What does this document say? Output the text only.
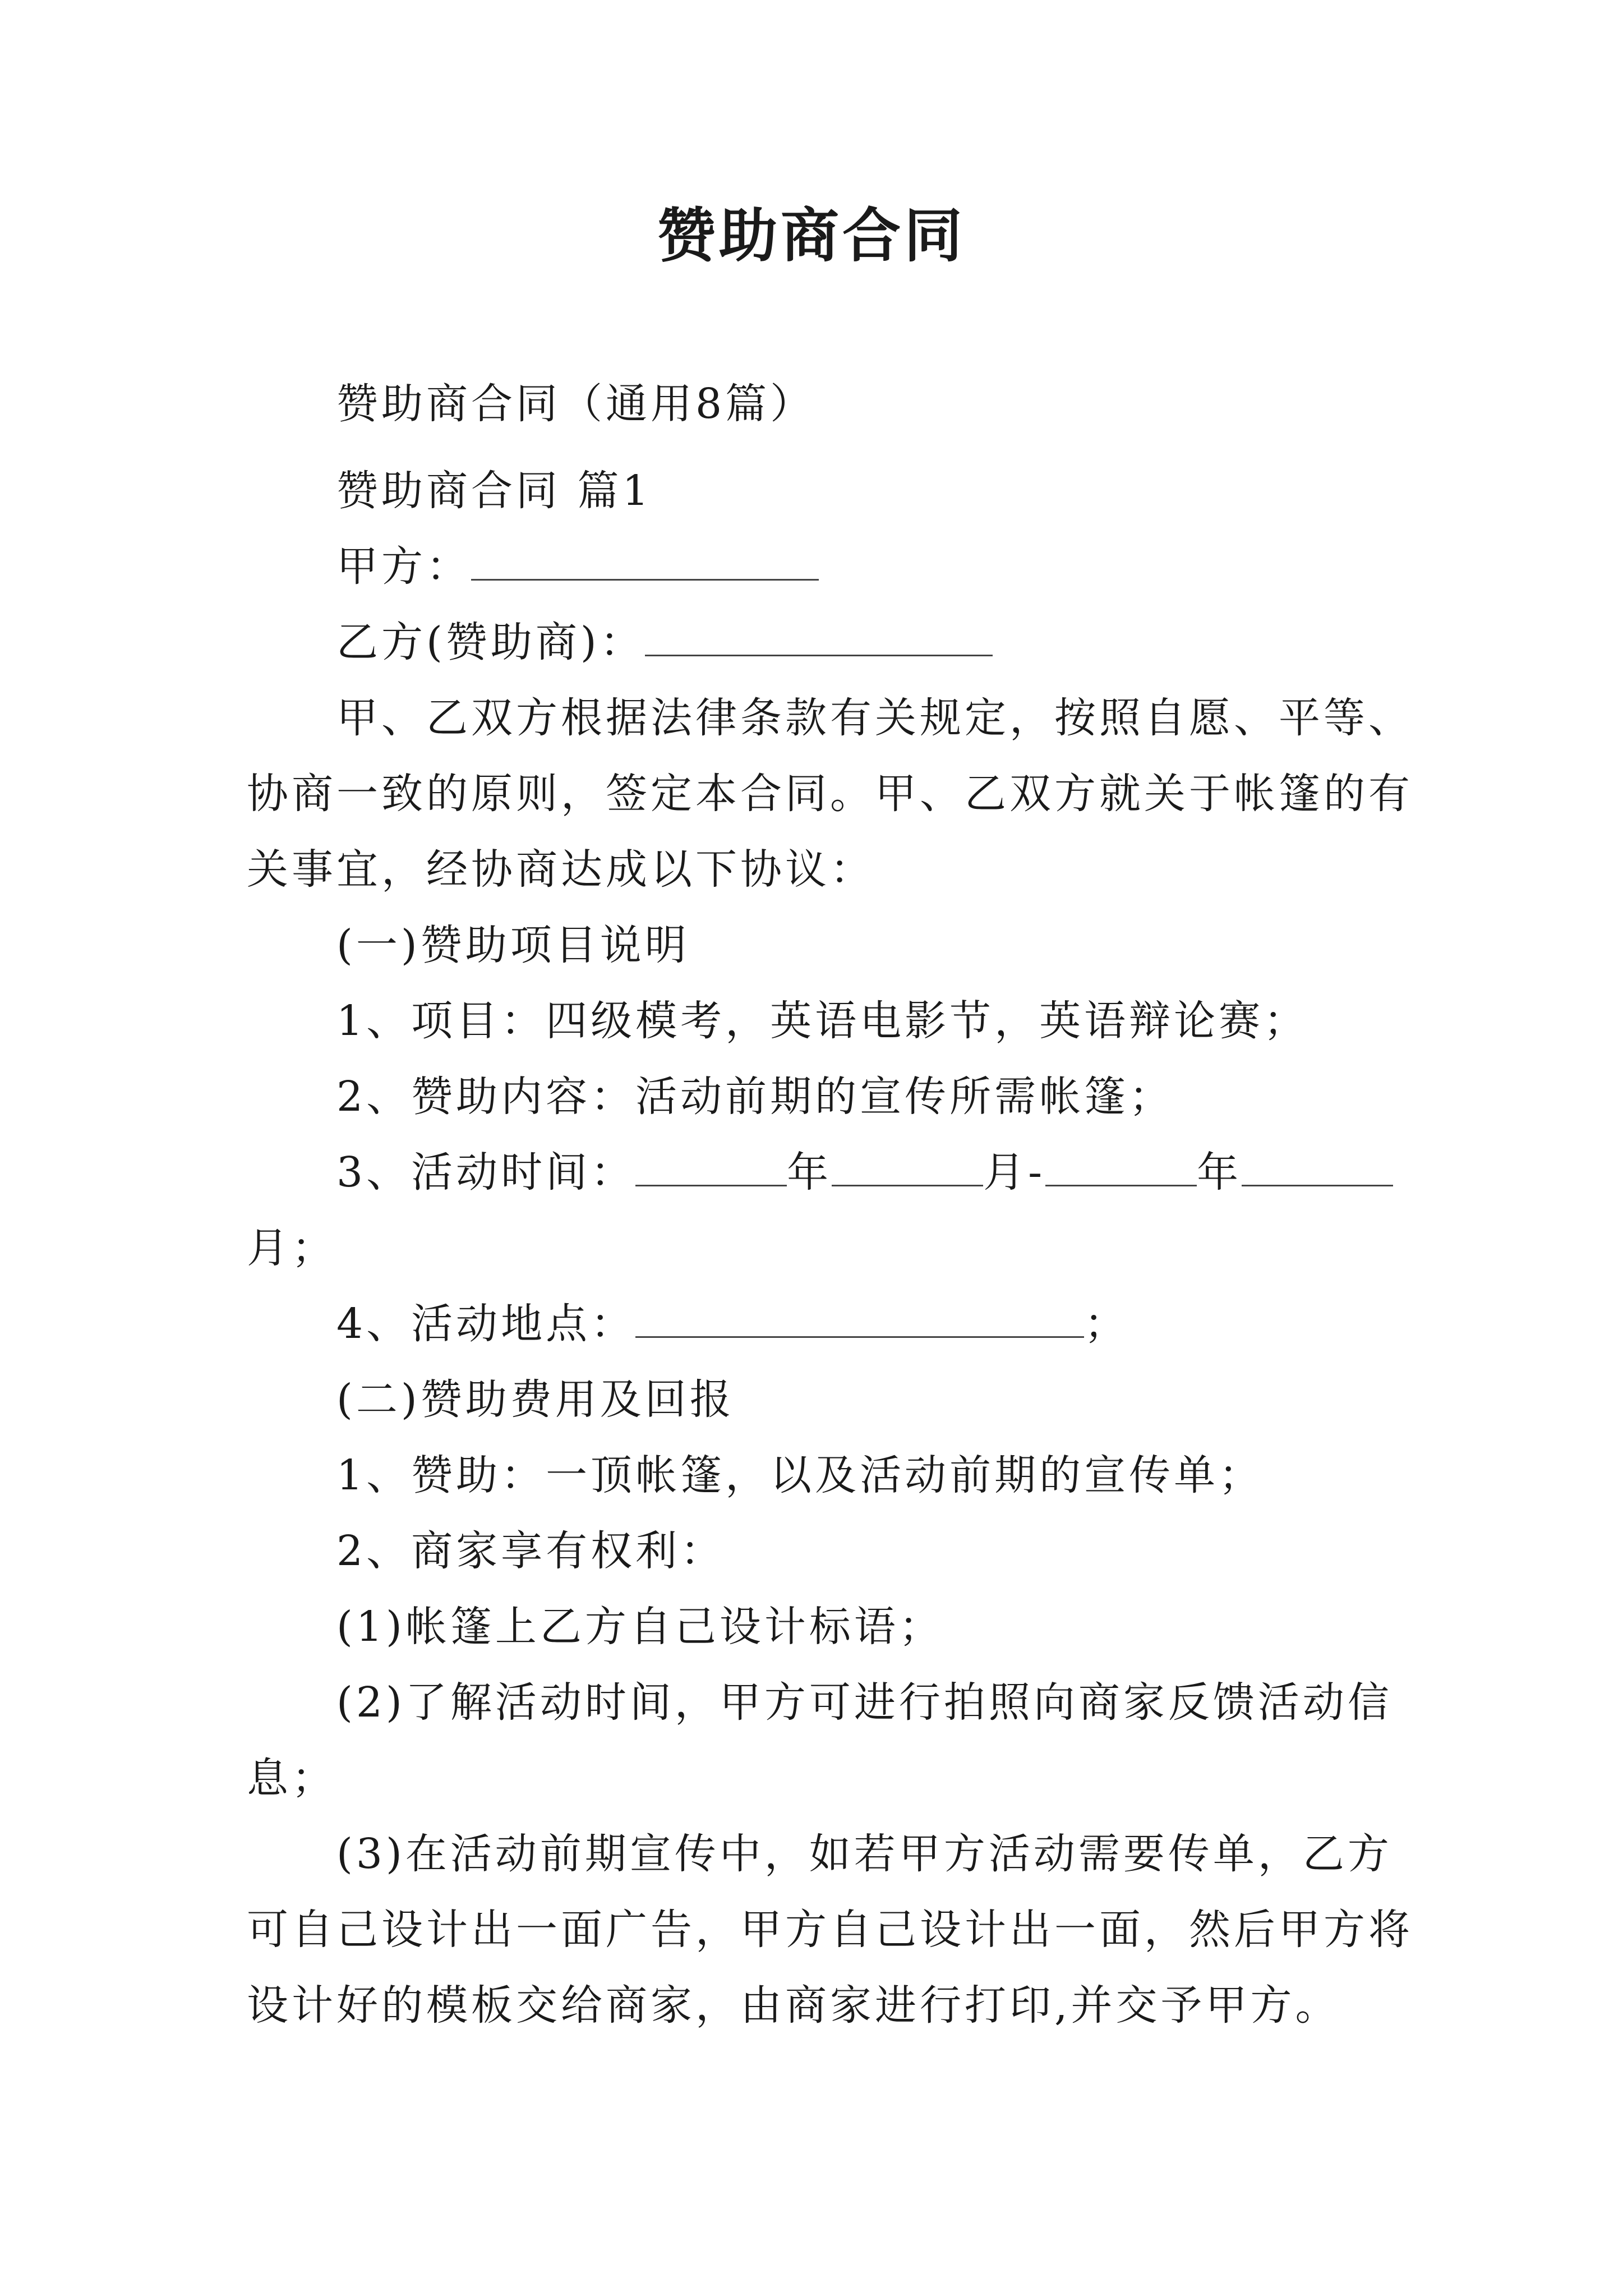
赞助商合同
赞助商合同（通用8篇）
赞助商合同 篇1
甲方：
乙方(赞助商)：
甲、乙双方根据法律条款有关规定，按照自愿、平等、
协商一致的原则，签定本合同。甲、乙双方就关于帐篷的有
关事宜，经协商达成以下协议：
(一)赞助项目说明
1、项目：四级模考，英语电影节，英语辩论赛；
2、赞助内容：活动前期的宣传所需帐篷；
3、活动时间：	年	月-	年
月；
4、活动地点：	；
(二)赞助费用及回报
1、赞助：一顶帐篷，以及活动前期的宣传单；
2、商家享有权利：
(1)帐篷上乙方自己设计标语；
(2)了解活动时间，甲方可进行拍照向商家反馈活动信
息；
(3)在活动前期宣传中，如若甲方活动需要传单，乙方
可自己设计出一面广告，甲方自己设计出一面，然后甲方将
设计好的模板交给商家，由商家进行打印,并交予甲方。
